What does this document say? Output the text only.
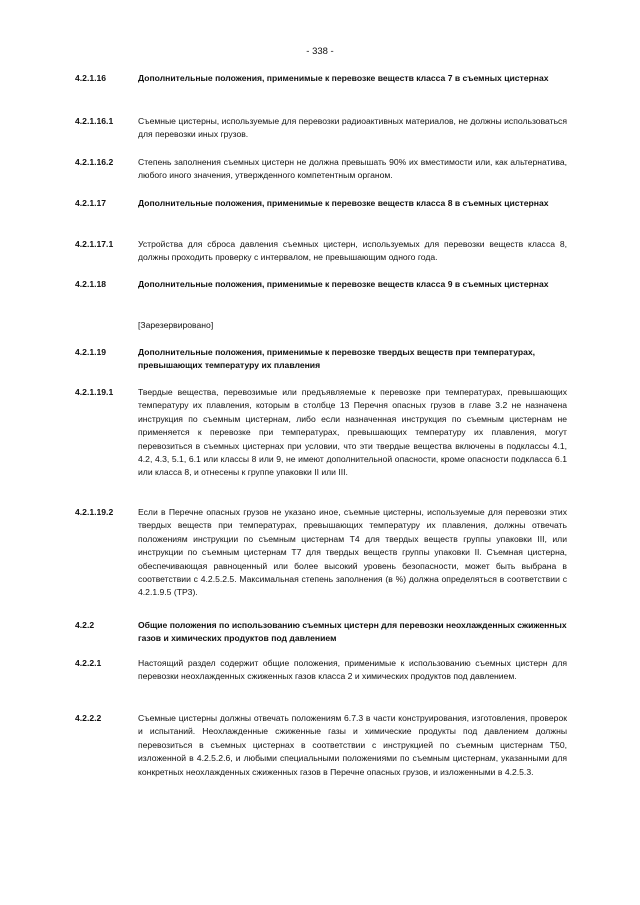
- 338 -
4.2.1.16	Дополнительные положения, применимые к перевозке веществ класса 7 в съемных цистернах
4.2.1.16.1	Съемные цистерны, используемые для перевозки радиоактивных материалов, не должны использоваться для перевозки иных грузов.
4.2.1.16.2	Степень заполнения съемных цистерн не должна превышать 90% их вместимости или, как альтернатива, любого иного значения, утвержденного компетентным органом.
4.2.1.17	Дополнительные положения, применимые к перевозке веществ класса 8 в съемных цистернах
4.2.1.17.1	Устройства для сброса давления съемных цистерн, используемых для перевозки веществ класса 8, должны проходить проверку с интервалом, не превышающим одного года.
4.2.1.18	Дополнительные положения, применимые к перевозке веществ класса 9 в съемных цистернах
[Зарезервировано]
4.2.1.19	Дополнительные положения, применимые к перевозке твердых веществ при температурах, превышающих температуру их плавления
4.2.1.19.1	Твердые вещества, перевозимые или предъявляемые к перевозке при температурах, превышающих температуру их плавления, которым в столбце 13 Перечня опасных грузов в главе 3.2 не назначена инструкция по съемным цистернам, либо если назначенная инструкция по съемным цистернам не применяется к перевозке при температурах, превышающих температуру их плавления, могут перевозиться в съемных цистернах при условии, что эти твердые вещества включены в подклассы 4.1, 4.2, 4.3, 5.1, 6.1 или классы 8 или 9, не имеют дополнительной опасности, кроме опасности подкласса 6.1 или класса 8, и отнесены к группе упаковки II или III.
4.2.1.19.2	Если в Перечне опасных грузов не указано иное, съемные цистерны, используемые для перевозки этих твердых веществ при температурах, превышающих температуру их плавления, должны отвечать положениям инструкции по съемным цистернам T4 для твердых веществ группы упаковки III, или инструкции по съемным цистернам T7 для твердых веществ группы упаковки II. Съемная цистерна, обеспечивающая равноценный или более высокий уровень безопасности, может быть выбрана в соответствии с 4.2.5.2.5. Максимальная степень заполнения (в %) должна определяться в соответствии с 4.2.1.9.5 (TP3).
4.2.2	Общие положения по использованию съемных цистерн для перевозки неохлажденных сжиженных газов и химических продуктов под давлением
4.2.2.1	Настоящий раздел содержит общие положения, применимые к использованию съемных цистерн для перевозки неохлажденных сжиженных газов класса 2 и химических продуктов под давлением.
4.2.2.2	Съемные цистерны должны отвечать положениям 6.7.3 в части конструирования, изготовления, проверок и испытаний. Неохлажденные сжиженные газы и химические продукты под давлением должны перевозиться в съемных цистернах в соответствии с инструкцией по съемным цистернам T50, изложенной в 4.2.5.2.6, и любыми специальными положениями по съемным цистернам, указанными для конкретных неохлажденных сжиженных газов в Перечне опасных грузов, и изложенными в 4.2.5.3.
